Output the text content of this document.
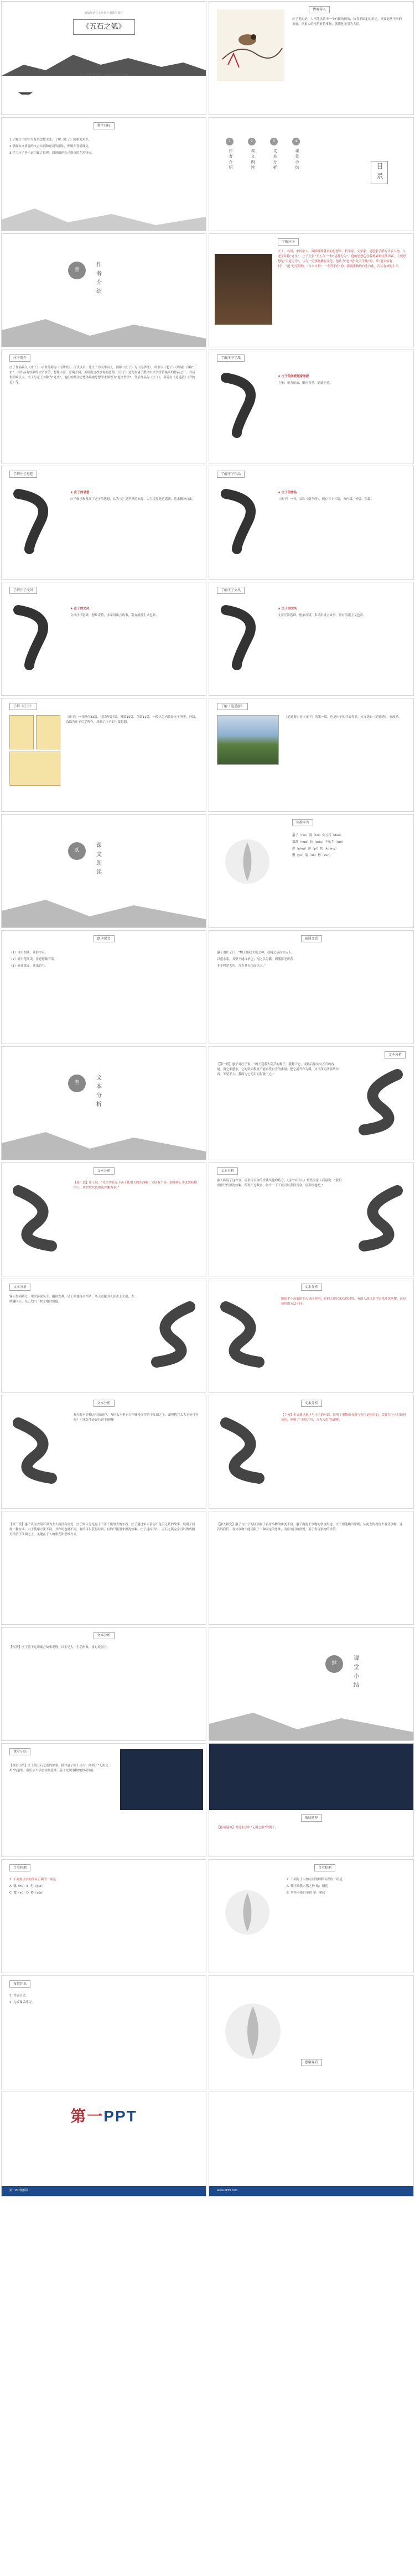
部编版语文七年级下册教学课件
《五石之瓠》
第一PPT模板网 www.1PPT.com
情境导入
庄子说的是，人不能执着于一个有限的视角，执着于固定的用途，只要能从不同的角度，从更大的视角看待事物，就能化无用为大用。
教学目标
1.了解庄子的生平及其思想主张，了解《庄子》的相关知识。
2.掌握本文重要的文言实词和虚词的用法，理解并背诵课文。
3.学习庄子善于运用寓言说理，深刻阐述自己观点的艺术特点。
1
作者介绍
2
课文朗读
3
文本分析
4
课堂小结
目录
壹	作者介绍
了解庄子
庄子，名周，宋国蒙人，战国时期著名的思想家、哲学家、文学家。是道家学派的代表人物，与老子并称“老庄”。庄子主张“天人合一”和“清静无为”。他的思想包含着朴素辩证法因素，主要思想是“天道无为”，认为一切事物都在变化，他认为“道”是“先天生地”的，从“道未始有封”，“道”是无限的，“自本自根”，“无所不在”的，强调事物的自生自化，否认有神的主宰。
庄子简介
庄子作品收入《庄子》，后世尊称为《南华经》。汉代以后，尊庄子为南华真人，因称《庄子》为《南华经》。其书与《老子》《周易》合称“三玄”。其作品有较强的文学价值，想象丰富、意境开阔，善用寓言故事说明道理。《庄子》是先秦诸子散文中文学价值最高的作品之一，对后世影响巨大。庄子与老子并称为“老庄”，他们的哲学思想体系被思想学术界尊为“老庄哲学”。代表作品为《庄子》，名篇有《逍遥游》《齐物论》等。
了解庄子学派
★ 庄子的学派道家学派
主张：无为而治，顺应自然，逍遥无待。
了解庄子思想
★ 庄子的思想
庄子继承和发展了老子的思想，认为“道”是世界的本源，人生境界是逍遥游，追求精神自由。
了解庄子作品
★ 庄子的作品
《庄子》一书，又称《南华经》，现存三十三篇，分内篇、外篇、杂篇。
了解庄子文风
★ 庄子的文风
文章汪洋恣肆，想象奇特，多采用寓言故事，富有浪漫主义色彩。
了解庄子文风
★ 庄子的文风
文章汪洋恣肆，想象奇特，多采用寓言故事，富有浪漫主义色彩。
了解《庄子》
《庄子》一书现存33篇，包括内篇7篇，外篇15篇，杂篇11篇。一般认为内篇是庄子所著，外篇、杂篇为庄子后学所作，反映了庄子的主要思想。
了解《逍遥游》
《逍遥游》是《庄子》的第一篇，也是庄子的代表作品。本文选自《逍遥游》，有改动。
贰	课文朗读
读准字音
惠子（huì）瓠（hú）实五石（dàn）
瓠落（huò）掊（pǒu）不龟手（jūn）
洴（píng）澼（pì）絖（kuàng）
鬻（yù）裂（liè）樽（zūn）
朗读课文
（1）自由朗读，读准字音。
（2）听示范朗读，注意停顿节奏。
（3）齐读课文，读出语气。
疏通文意
惠子谓庄子曰：“魏王贻我大瓠之种，我树之成而实五石。
以盛水浆，其坚不能自举也；剖之以为瓢，则瓠落无所容。
非不呺然大也，吾为其无用而掊之。”
叁	文本分析
文本分析
【第一段】惠子对庄子说：“魏王送我大葫芦的种子，我种下它，成熟后果实有五石的容量。用它来盛水，它的坚固程度不能承受自身的重量；把它剖开作为瓢，又平浅无法容纳东西。不是不大，我因为它无用而打破了它。”
文本分析
【第二段】庄子说：“先生实在是不善于使用大的东西啊！宋国有个善于制作防止手冻裂药物的人，世世代代以漂洗丝絮为业。”
文本分析
客人听说了这件事，请求用百金的价钱买他的药方。（这个宋国人）聚集全家人商量说：“我们世世代代漂洗丝絮，所得不过数金，如今一下子就可以卖得百金，请卖给他吧。”
文本分析
客人得到药方，用来游说吴王。越国发难，吴王派他统率军队，冬天跟越国人在水上交战，大败越国人，吴王划出一块土地封赏他。
文本分析
能使手不冻裂的药方是同样的，有的人用它来获得封赏，有的人却只是用它来漂洗丝絮，这是使用的方法不同。
文本分析
现在你有容积五石的葫芦，为什么不把它当作腰舟而浮游于江湖之上，却担忧它太大无处可容呢？可见先生还是心窍不通啊！
文本分析
【主旨】本文通过惠子与庄子的对话，说明了事物的有用与无用是相对的，关键在于人们如何使用，阐明了“无用之用，方为大用”的道理。
【第三段】惠子认为大葫芦因为太大而没有用处，庄子则认为是惠子不善于使用大的东西。庄子通过宋人善为不龟手之药的故事，说明了同样一种东西，由于使用方法不同，其作用也就不同，有的可以获得封赏，有的只能用来漂洗丝絮。庄子进而指出，五石之瓠完全可以做成腰舟浮游于江湖之上，关键在于人的眼光和思维方式。
【深入探究】惠子与庄子的区别在于看待事物的角度不同。惠子拘泥于事物的常规用途，庄子则能跳出常规，从更大的视角去看待事物。这告诉我们：看待事物不能局限于一种固定的思维，而应该打破常规，善于发现事物的价值。
文本分析
【写法】庄子善于运用寓言故事说理，以小见大，生动形象，富有说服力。
肆	课堂小结
课堂小结
【课堂小结】庄子借五石之瓠的故事，批评惠子拙于用大，阐明了“无用之用”的道理。我们应当学会转换思维，善于发现事物的独特价值。
拓展延伸
【拓展延伸】说说生活中“无用之用”的例子。
当堂检测
1. 下列加点字的注音正确的一项是
A. 瓠（hù）B. 龟（guī）
C. 鬻（yù）D. 樽（zūn）
当堂检测
2. 下列句子中加点词的解释有误的一项是
A. 魏王贻我大瓠之种 贻：赠送
B. 其坚不能自举也 举：拿起
布置作业
1. 背诵全文。
2. 完成课后练习。
感谢观看
第一PPT
第一PPT模板网	www.1PPT.com
